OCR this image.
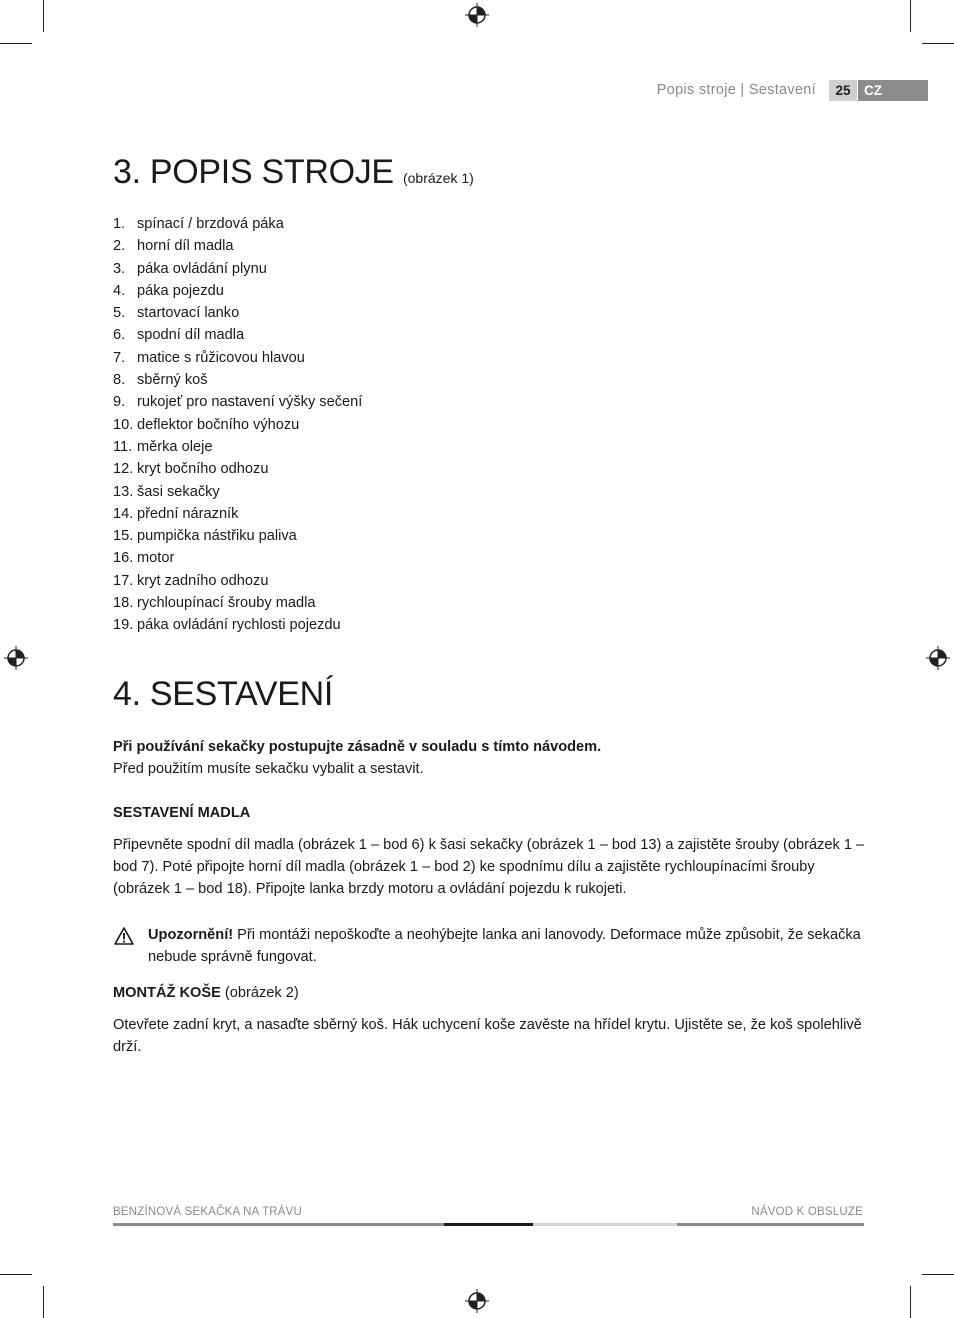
Popis stroje | Sestavení	25 CZ
3. POPIS STROJE (obrázek 1)
1. spínací / brzdová páka
2. horní díl madla
3. páka ovládání plynu
4. páka pojezdu
5. startovací lanko
6. spodní díl madla
7. matice s růžicovou hlavou
8. sběrný koš
9. rukojeť pro nastavení výšky sečení
10. deflektor bočního výhozu
11. měrka oleje
12. kryt bočního odhozu
13. šasi sekačky
14. přední nárazník
15. pumpička nástřiku paliva
16. motor
17. kryt zadního odhozu
18. rychloupínací šrouby madla
19. páka ovládání rychlosti pojezdu
4. SESTAVENÍ
Při používání sekačky postupujte zásadně v souladu s tímto návodem.
Před použitím musíte sekačku vybalit a sestavit.
SESTAVENÍ MADLA
Připevněte spodní díl madla (obrázek 1 – bod 6) k šasi sekačky (obrázek 1 – bod 13) a zajistěte šrouby (obrázek 1 – bod 7). Poté připojte horní díl madla (obrázek 1 – bod 2) ke spodnímu dílu a zajistěte rychloupínacími šrouby (obrázek 1 – bod 18). Připojte lanka brzdy motoru a ovládání pojezdu k rukojeti.
Upozornění! Při montáži nepoškoďte a neohýbejte lanka ani lanovody. Deformace může způsobit, že sekačka nebude správně fungovat.
MONTÁŽ KOŠE (obrázek 2)
Otevřete zadní kryt, a nasaďte sběrný koš. Hák uchycení koše zavěste na hřídel krytu. Ujistěte se, že koš spolehlivě drží.
BENZÍNOVÁ SEKAČKA NA TRÁVU	NÁVOD K OBSLUZE
